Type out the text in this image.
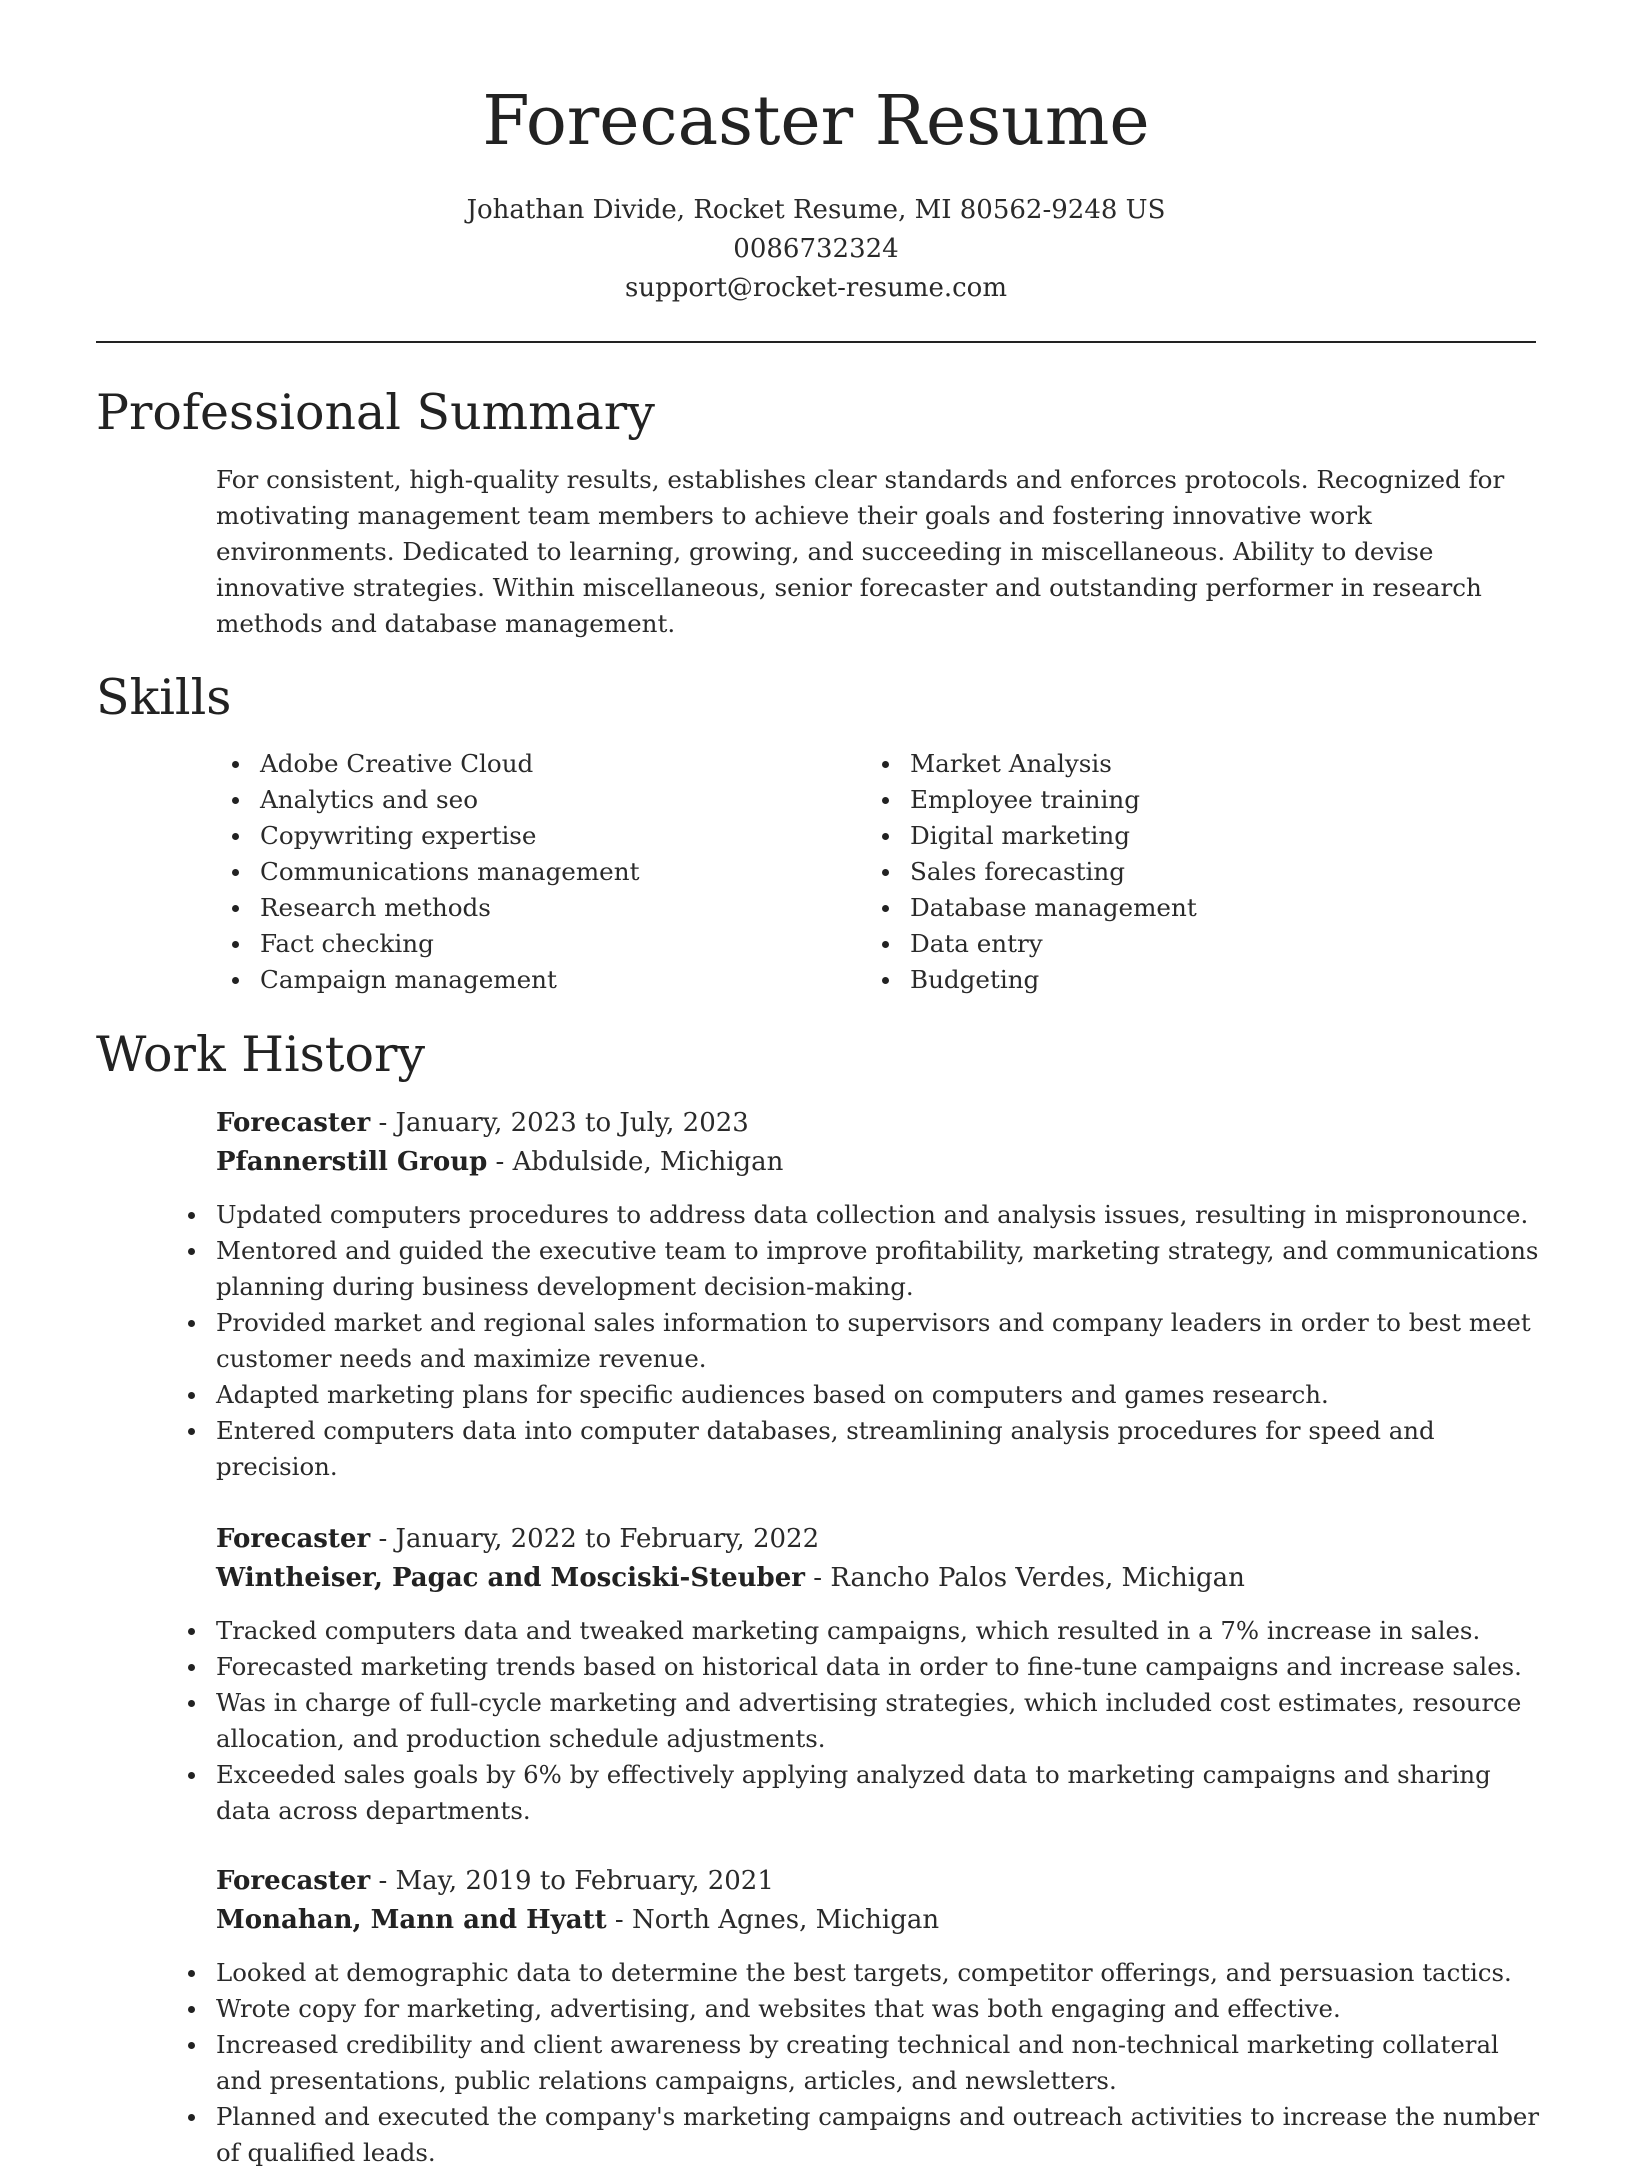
Forecaster Resume
Johathan Divide, Rocket Resume, MI 80562-9248 US
0086732324
support@rocket-resume.com
Professional Summary

For consistent, high-quality results, establishes clear standards and enforces protocols. Recognized for motivating management team members to achieve their goals and fostering innovative work environments. Dedicated to learning, growing, and succeeding in miscellaneous. Ability to devise innovative strategies. Within miscellaneous, senior forecaster and outstanding performer in research methods and database management.

Skills
Adobe Creative Cloud
Analytics and seo
Copywriting expertise
Communications management
Research methods
Fact checking
Campaign management
Market Analysis
Employee training
Digital marketing
Sales forecasting
Database management
Data entry
Budgeting
Work History
Forecaster - January, 2023 to July, 2023
Pfannerstill Group - Abdulside, Michigan
Updated computers procedures to address data collection and analysis issues, resulting in mispronounce.
Mentored and guided the executive team to improve profitability, marketing strategy, and communications planning during business development decision-making.
Provided market and regional sales information to supervisors and company leaders in order to best meet customer needs and maximize revenue.
Adapted marketing plans for specific audiences based on computers and games research.
Entered computers data into computer databases, streamlining analysis procedures for speed and precision.
Forecaster - January, 2022 to February, 2022
Wintheiser, Pagac and Mosciski-Steuber - Rancho Palos Verdes, Michigan
Tracked computers data and tweaked marketing campaigns, which resulted in a 7% increase in sales.
Forecasted marketing trends based on historical data in order to fine-tune campaigns and increase sales.
Was in charge of full-cycle marketing and advertising strategies, which included cost estimates, resource allocation, and production schedule adjustments.
Exceeded sales goals by 6% by effectively applying analyzed data to marketing campaigns and sharing data across departments.
Forecaster - May, 2019 to February, 2021
Monahan, Mann and Hyatt - North Agnes, Michigan
Looked at demographic data to determine the best targets, competitor offerings, and persuasion tactics.
Wrote copy for marketing, advertising, and websites that was both engaging and effective.
Increased credibility and client awareness by creating technical and non-technical marketing collateral and presentations, public relations campaigns, articles, and newsletters.
Planned and executed the company's marketing campaigns and outreach activities to increase the number of qualified leads.
